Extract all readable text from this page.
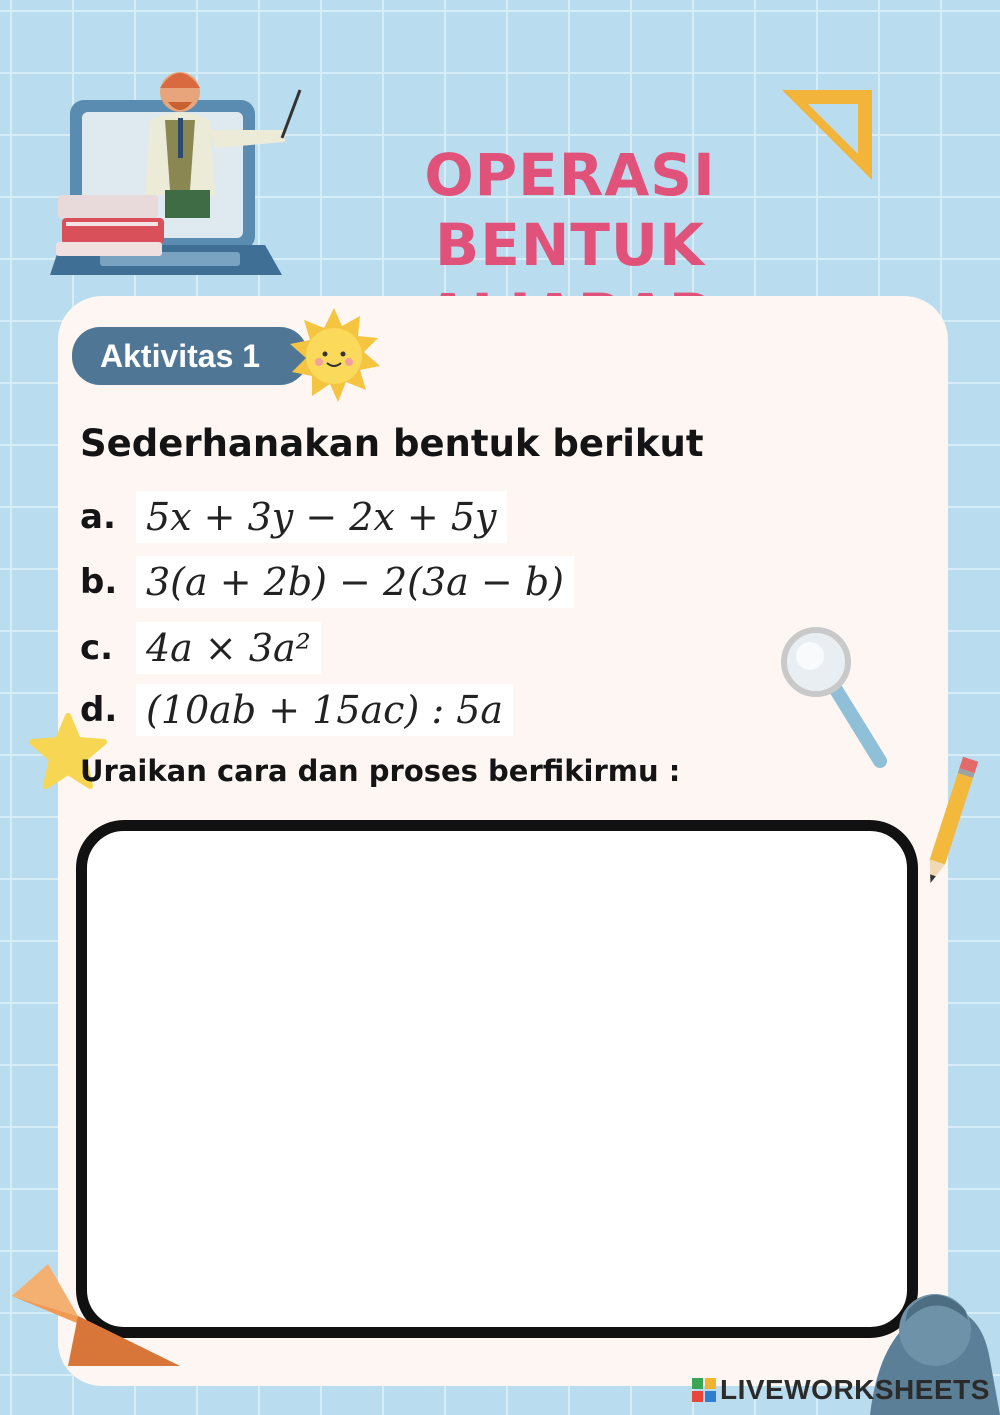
OPERASI BENTUK
Aktivitas 1
Sederhanakan bentuk berikut
a. 5x + 3y − 2x + 5y
b. 3(a + 2b) − 2(3a − b)
c. 4a × 3a²
d. (10ab + 15ac) : 5a
Uraikan cara dan proses berfikirmu :
LIVEWORKSHEETS
